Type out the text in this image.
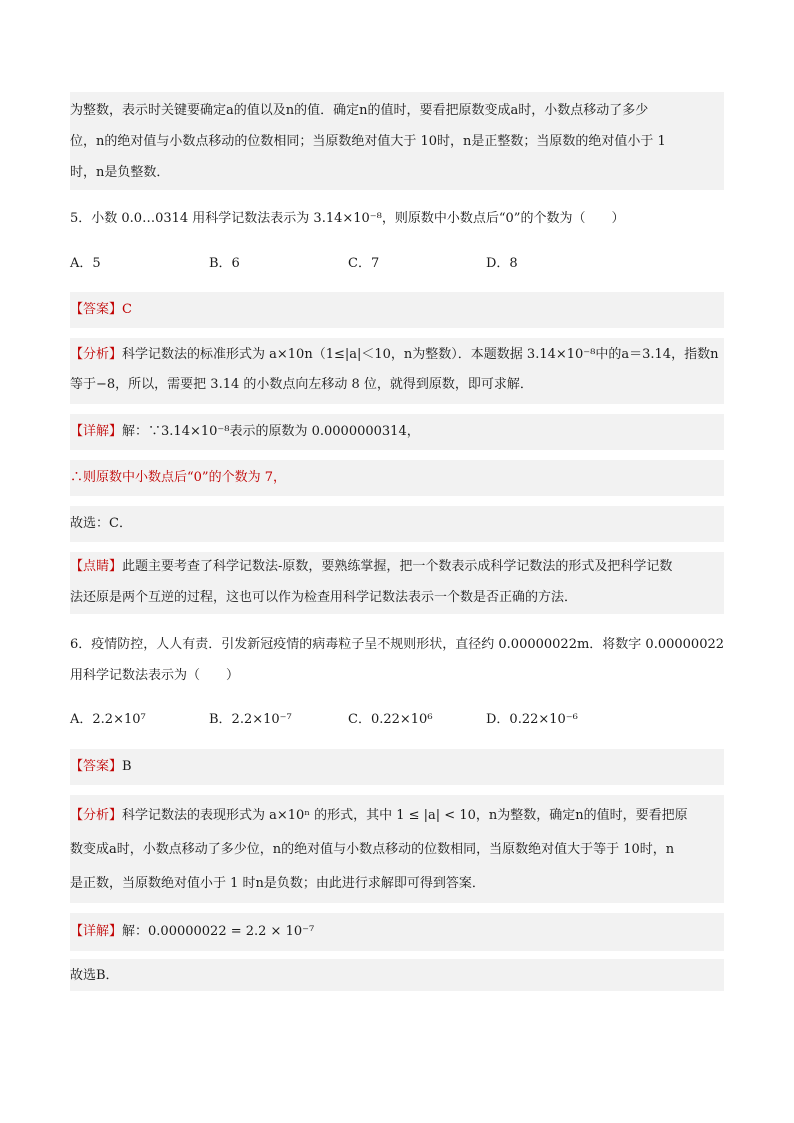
为整数，表示时关键要确定a的值以及n的值．确定n的值时，要看把原数变成a时，小数点移动了多少
位，n的绝对值与小数点移动的位数相同；当原数绝对值大于 10时，n是正整数；当原数的绝对值小于 1
时，n是负整数．
5．小数 0.0…0314 用科学记数法表示为 3.14×10⁻⁸，则原数中小数点后“0”的个数为（　　）
A．5	B．6	C．7	D．8
【答案】C
【分析】科学记数法的标准形式为 a×10n（1≤|a|＜10，n为整数）．本题数据 3.14×10⁻⁸中的a＝3.14，指数n
等于−8，所以，需要把 3.14 的小数点向左移动 8 位，就得到原数，即可求解．
【详解】解：∵3.14×10⁻⁸表示的原数为 0.0000000314，
∴则原数中小数点后“0”的个数为 7，
故选：C．
【点睛】此题主要考查了科学记数法-原数，要熟练掌握，把一个数表示成科学记数法的形式及把科学记数
法还原是两个互逆的过程，这也可以作为检查用科学记数法表示一个数是否正确的方法．
6．疫情防控，人人有责．引发新冠疫情的病毒粒子呈不规则形状，直径约 0.00000022m．将数字 0.00000022
用科学记数法表示为（　　）
A．2.2×10⁷	B．2.2×10⁻⁷	C．0.22×10⁶	D．0.22×10⁻⁶
【答案】B
【分析】科学记数法的表现形式为 a×10ⁿ 的形式，其中 1 ≤ |a| < 10，n为整数，确定n的值时，要看把原
数变成a时，小数点移动了多少位，n的绝对值与小数点移动的位数相同，当原数绝对值大于等于 10时，n
是正数，当原数绝对值小于 1 时n是负数；由此进行求解即可得到答案．
【详解】解：0.00000022 = 2.2 × 10⁻⁷
故选B．
